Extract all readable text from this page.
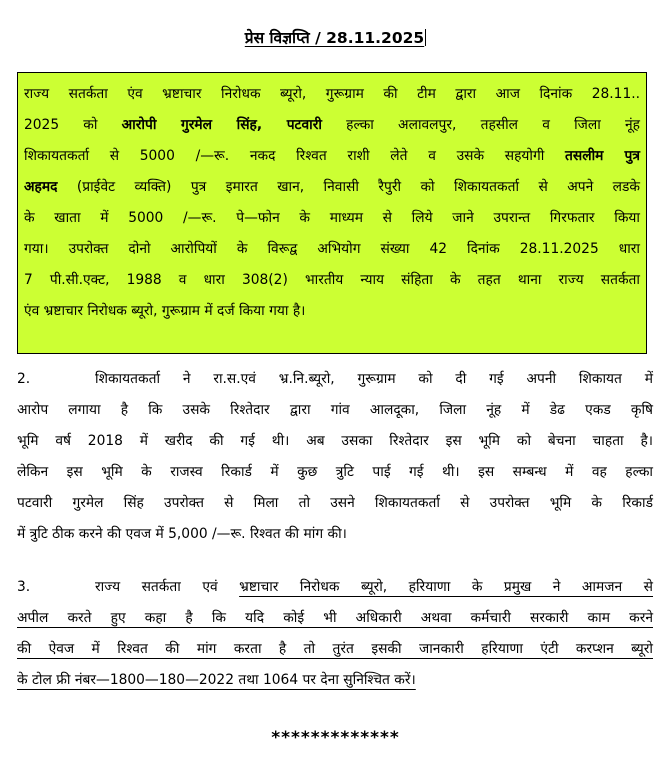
प्रेस विज्ञप्ति / 28.11.2025
राज्य सतर्कता एंव भ्रष्टाचार निरोधक ब्यूरो, गुरूग्राम की टीम द्वारा आज दिनांक 28.11..
2025 को आरोपी गुरमेल सिंह, पटवारी हल्का अलावलपुर, तहसील व जिला नूंह
शिकायतकर्ता से 5000 /—रू. नकद रिश्वत राशी लेते व उसके सहयोगी तसलीम पुत्र
अहमद (प्राईवेट व्यक्ति) पुत्र इमारत खान, निवासी रैपुरी को शिकायतकर्ता से अपने लडके
के खाता में 5000 /—रू. पे—फोन के माध्यम से लिये जाने उपरान्त गिरफतार किया
गया। उपरोक्त दोनो आरोपियों के विरूद्व अभियोग संख्या 42 दिनांक 28.11.2025 धारा
7 पी.सी.एक्ट, 1988 व धारा 308(2) भारतीय न्याय संहिता के तहत थाना राज्य सतर्कता
एंव भ्रष्टाचार निरोधक ब्यूरो, गुरूग्राम में दर्ज किया गया है।
2.	शिकायतकर्ता ने रा.स.एवं भ्र.नि.ब्यूरो, गुरूग्राम को दी गई अपनी शिकायत में
आरोप लगाया है कि उसके रिश्तेदार द्वारा गांव आलदूका, जिला नूंह में डेढ एकड कृषि
भूमि वर्ष 2018 में खरीद की गई थी। अब उसका रिश्तेदार इस भूमि को बेचना चाहता है।
लेकिन इस भूमि के राजस्व रिकार्ड में कुछ त्रुटि पाई गई थी। इस सम्बन्ध में वह हल्का
पटवारी गुरमेल सिंह उपरोक्त से मिला तो उसने शिकायतकर्ता से उपरोक्त भूमि के रिकार्ड
में त्रुटि ठीक करने की एवज में 5,000 /—रू. रिश्वत की मांग की।
3.	राज्य सतर्कता एवं भ्रष्टाचार निरोधक ब्यूरो, हरियाणा के प्रमुख ने आमजन से
अपील करते हुए कहा है कि यदि कोई भी अधिकारी अथवा कर्मचारी सरकारी काम करने
की ऐवज में रिश्वत की मांग करता है तो तुरंत इसकी जानकारी हरियाणा एंटी करप्शन ब्यूरो
के टोल फ्री नंबर—1800—180—2022 तथा 1064 पर देना सुनिश्चित करें।
*************
